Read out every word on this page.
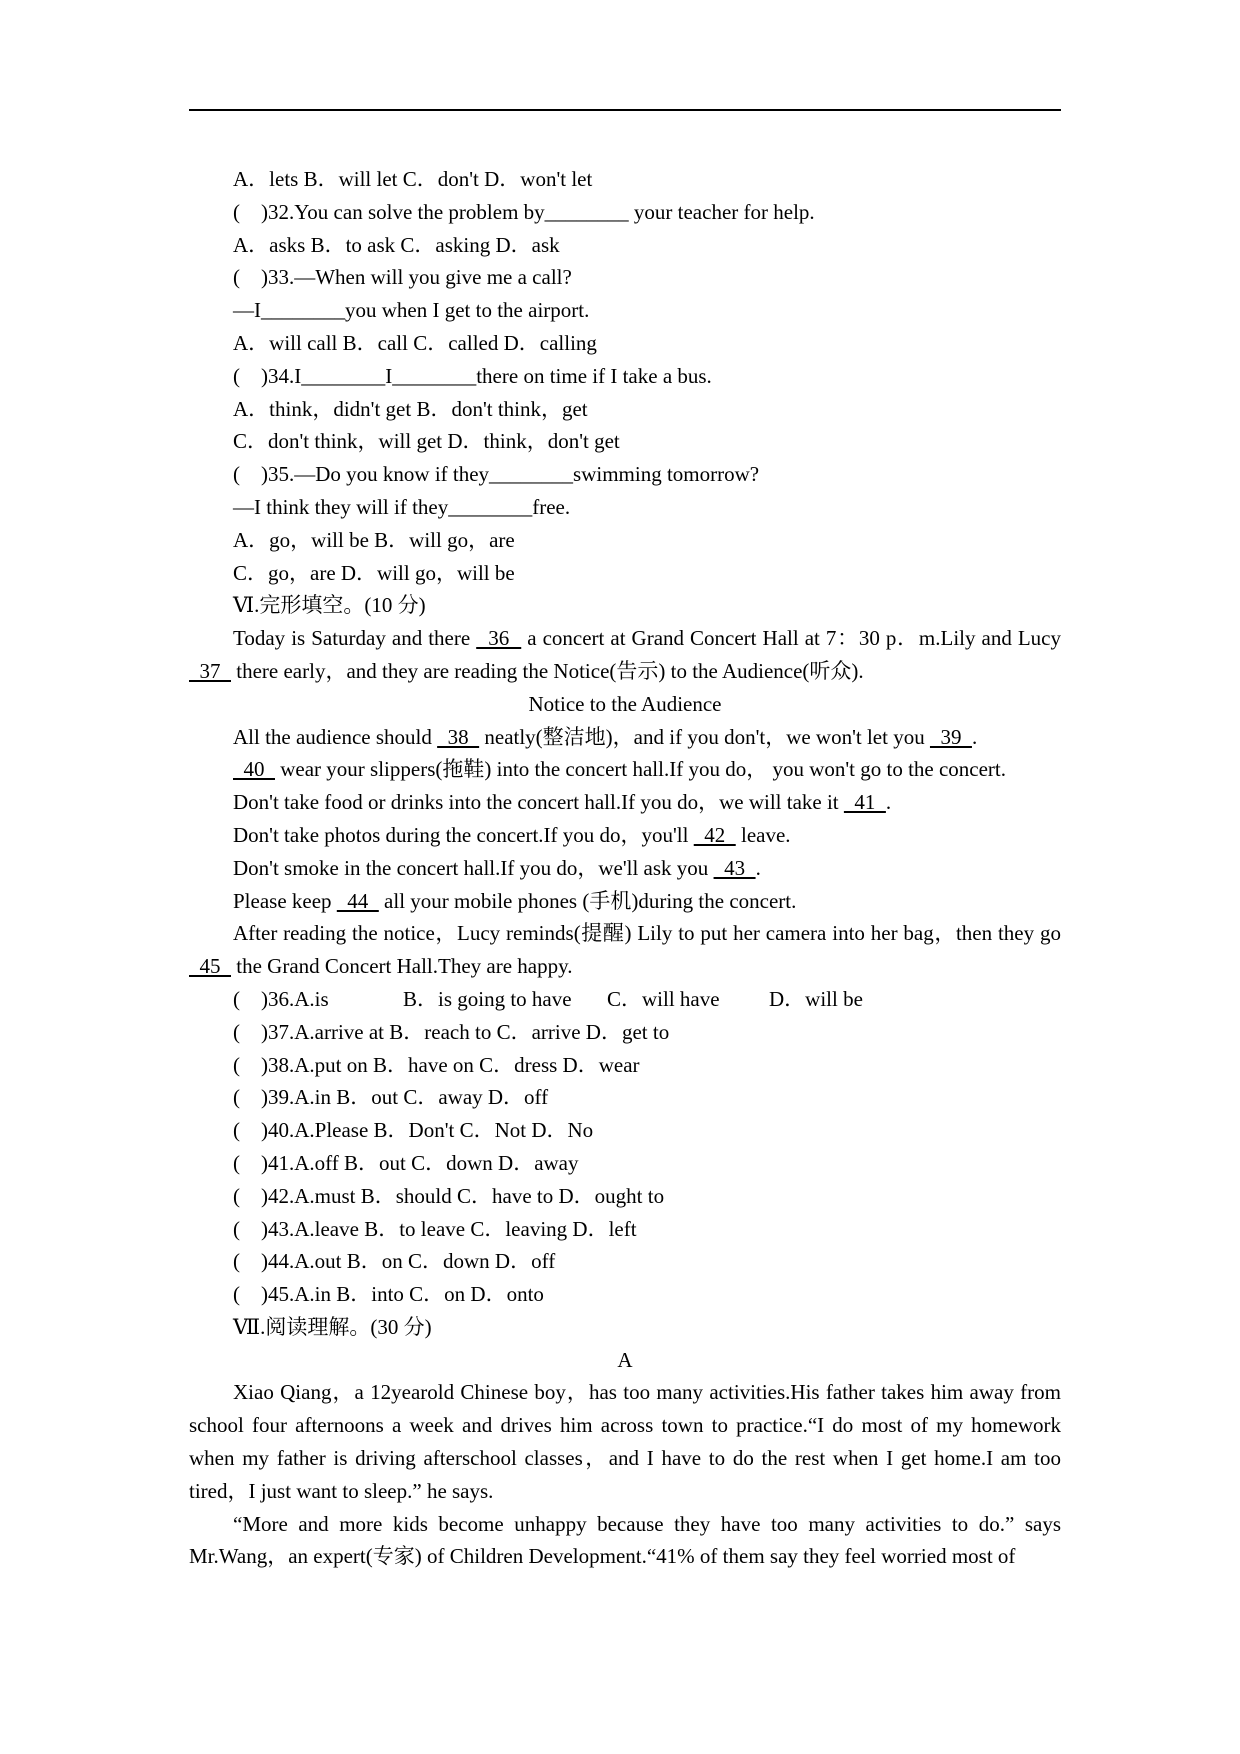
A．lets B．will let C．don't D．won't let
(　)32.You can solve the problem by________ your teacher for help.
A．asks B．to ask C．asking D．ask
(　)33.—When will you give me a call?
—I________you when I get to the airport.
A．will call B．call C．called D．calling
(　)34.I________I________there on time if I take a bus.
A．think，didn't get B．don't think，get
C．don't think，will get D．think，don't get
(　)35.—Do you know if they________swimming tomorrow?
—I think they will if they________free.
A．go，will be B．will go，are
C．go，are D．will go，will be
Ⅵ.完形填空。(10 分)
Today is Saturday and there   36   a concert at Grand Concert Hall at 7：30 p．m.Lily and Lucy   37   there early，and they are reading the Notice(告示) to the Audience(听众).
Notice to the Audience
All the audience should   38   neatly(整洁地)，and if you don't，we won't let you   39  .
40   wear your slippers(拖鞋) into the concert hall.If you do， you won't go to the concert.
Don't take food or drinks into the concert hall.If you do，we will take it   41  .
Don't take photos during the concert.If you do，you'll   42   leave.
Don't smoke in the concert hall.If you do，we'll ask you   43  .
Please keep   44   all your mobile phones (手机)during the concert.
After reading the notice，Lucy reminds(提醒) Lily to put her camera into her bag，then they go   45   the Grand Concert Hall.They are happy.
(　)36.A.is	B．is going to have C．will have D．will be
(　)37.A.arrive at B．reach to C．arrive D．get to
(　)38.A.put on B．have on C．dress D．wear
(　)39.A.in B．out C．away D．off
(　)40.A.Please B．Don't C．Not D．No
(　)41.A.off B．out C．down D．away
(　)42.A.must B．should C．have to D．ought to
(　)43.A.leave B．to leave C．leaving D．left
(　)44.A.out B．on C．down D．off
(　)45.A.in B．into C．on D．onto
Ⅶ.阅读理解。(30 分)
A
Xiao Qiang，a 12yearold Chinese boy，has too many activities.His father takes him away from school four afternoons a week and drives him across town to practice.“I do most of my homework when my father is driving afterschool classes，and I have to do the rest when I get home.I am too tired，I just want to sleep.” he says.
“More and more kids become unhappy because they have too many activities to do.” says Mr.Wang，an expert(专家) of Children Development.“41% of them say they feel worried most of
